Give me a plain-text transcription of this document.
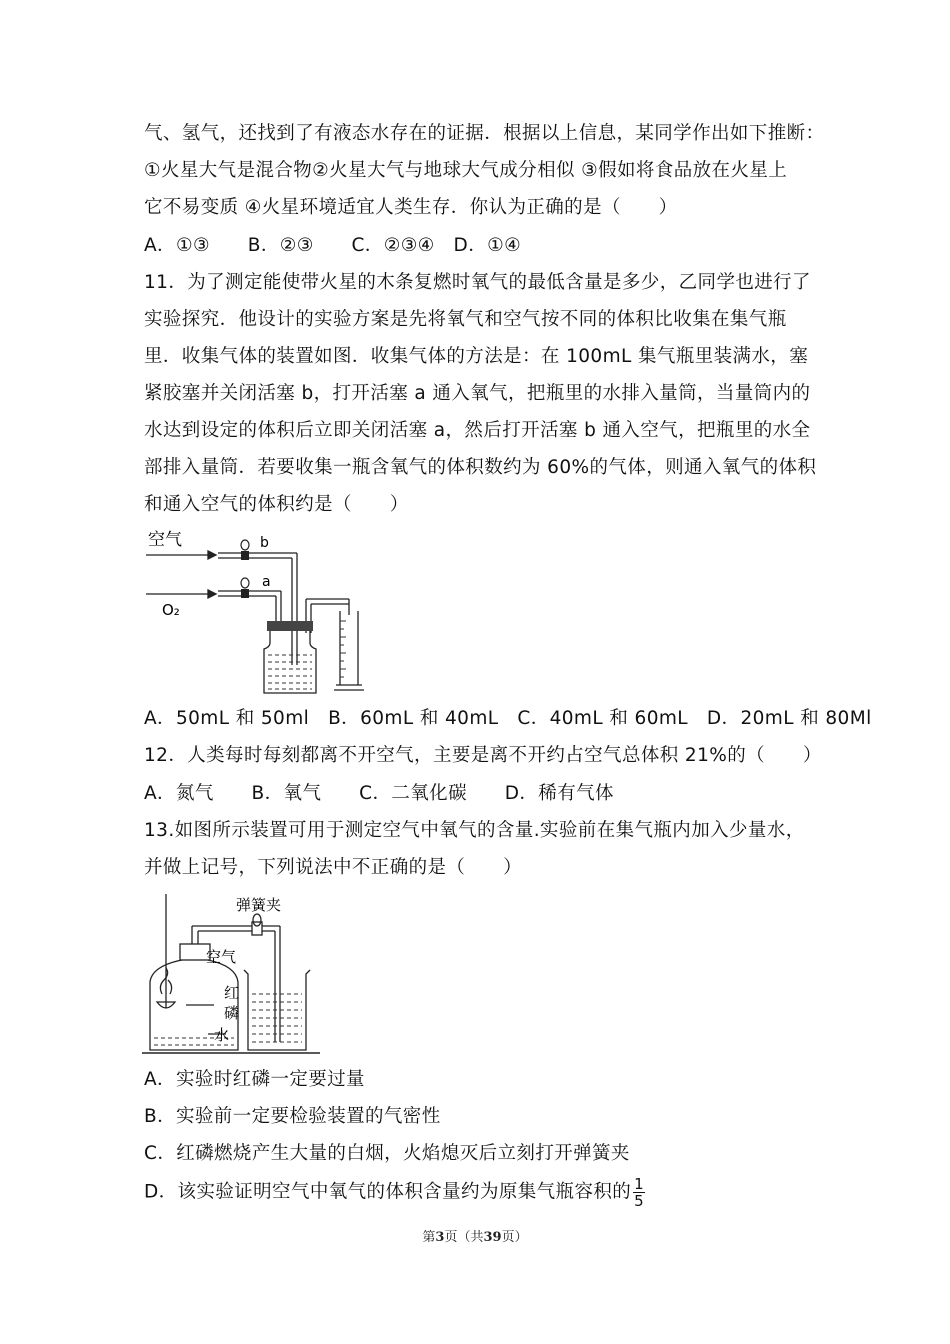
气、氢气，还找到了有液态水存在的证据．根据以上信息，某同学作出如下推断：
①火星大气是混合物②火星大气与地球大气成分相似 ③假如将食品放在火星上
它不易变质 ④火星环境适宜人类生存．你认为正确的是（　　）
A．①③　　B．②③　　C．②③④　D．①④
11．为了测定能使带火星的木条复燃时氧气的最低含量是多少，乙同学也进行了
实验探究．他设计的实验方案是先将氧气和空气按不同的体积比收集在集气瓶
里．收集气体的装置如图．收集气体的方法是：在 100mL 集气瓶里装满水，塞
紧胶塞并关闭活塞 b，打开活塞 a 通入氧气，把瓶里的水排入量筒，当量筒内的
水达到设定的体积后立即关闭活塞 a，然后打开活塞 b 通入空气，把瓶里的水全
部排入量筒．若要收集一瓶含氧气的体积数约为 60%的气体，则通入氧气的体积
和通入空气的体积约是（　　）
空气
O₂
b
a
A．50mL 和 50ml　B．60mL 和 40mL　C．40mL 和 60mL　D．20mL 和 80Ml
12．人类每时每刻都离不开空气，主要是离不开约占空气总体积 21%的（　　）
A．氮气　　B．氧气　　C．二氧化碳　　D．稀有气体
13.如图所示装置可用于测定空气中氧气的含量.实验前在集气瓶内加入少量水，
并做上记号，下列说法中不正确的是（　　）
弹簧夹
空气
红
磷
水
A．实验时红磷一定要过量
B．实验前一定要检验装置的气密性
C．红磷燃烧产生大量的白烟，火焰熄灭后立刻打开弹簧夹
D．该实验证明空气中氧气的体积含量约为原集气瓶容积的 $\frac{1}{5}$
第3页（共39页）
